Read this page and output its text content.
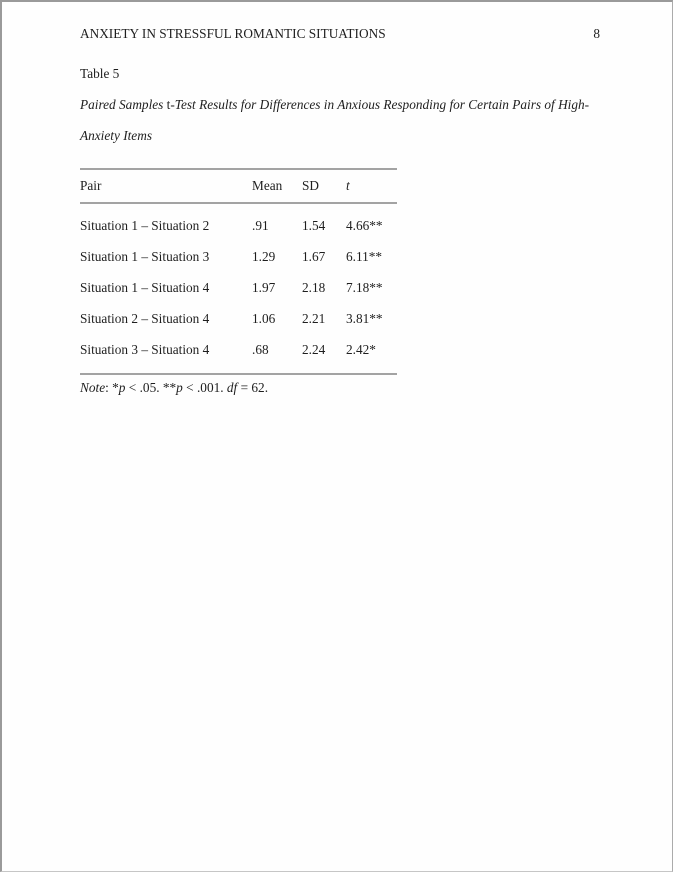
ANXIETY IN STRESSFUL ROMANTIC SITUATIONS	8
Table 5
Paired Samples t-Test Results for Differences in Anxious Responding for Certain Pairs of High-
Anxiety Items
Pair	Mean	SD	t
Situation 1 – Situation 2	.91	1.54	4.66**
Situation 1 – Situation 3	1.29	1.67	6.11**
Situation 1 – Situation 4	1.97	2.18	7.18**
Situation 2 – Situation 4	1.06	2.21	3.81**
Situation 3 – Situation 4	.68	2.24	2.42*
Note: *p < .05. **p < .001. df = 62.
